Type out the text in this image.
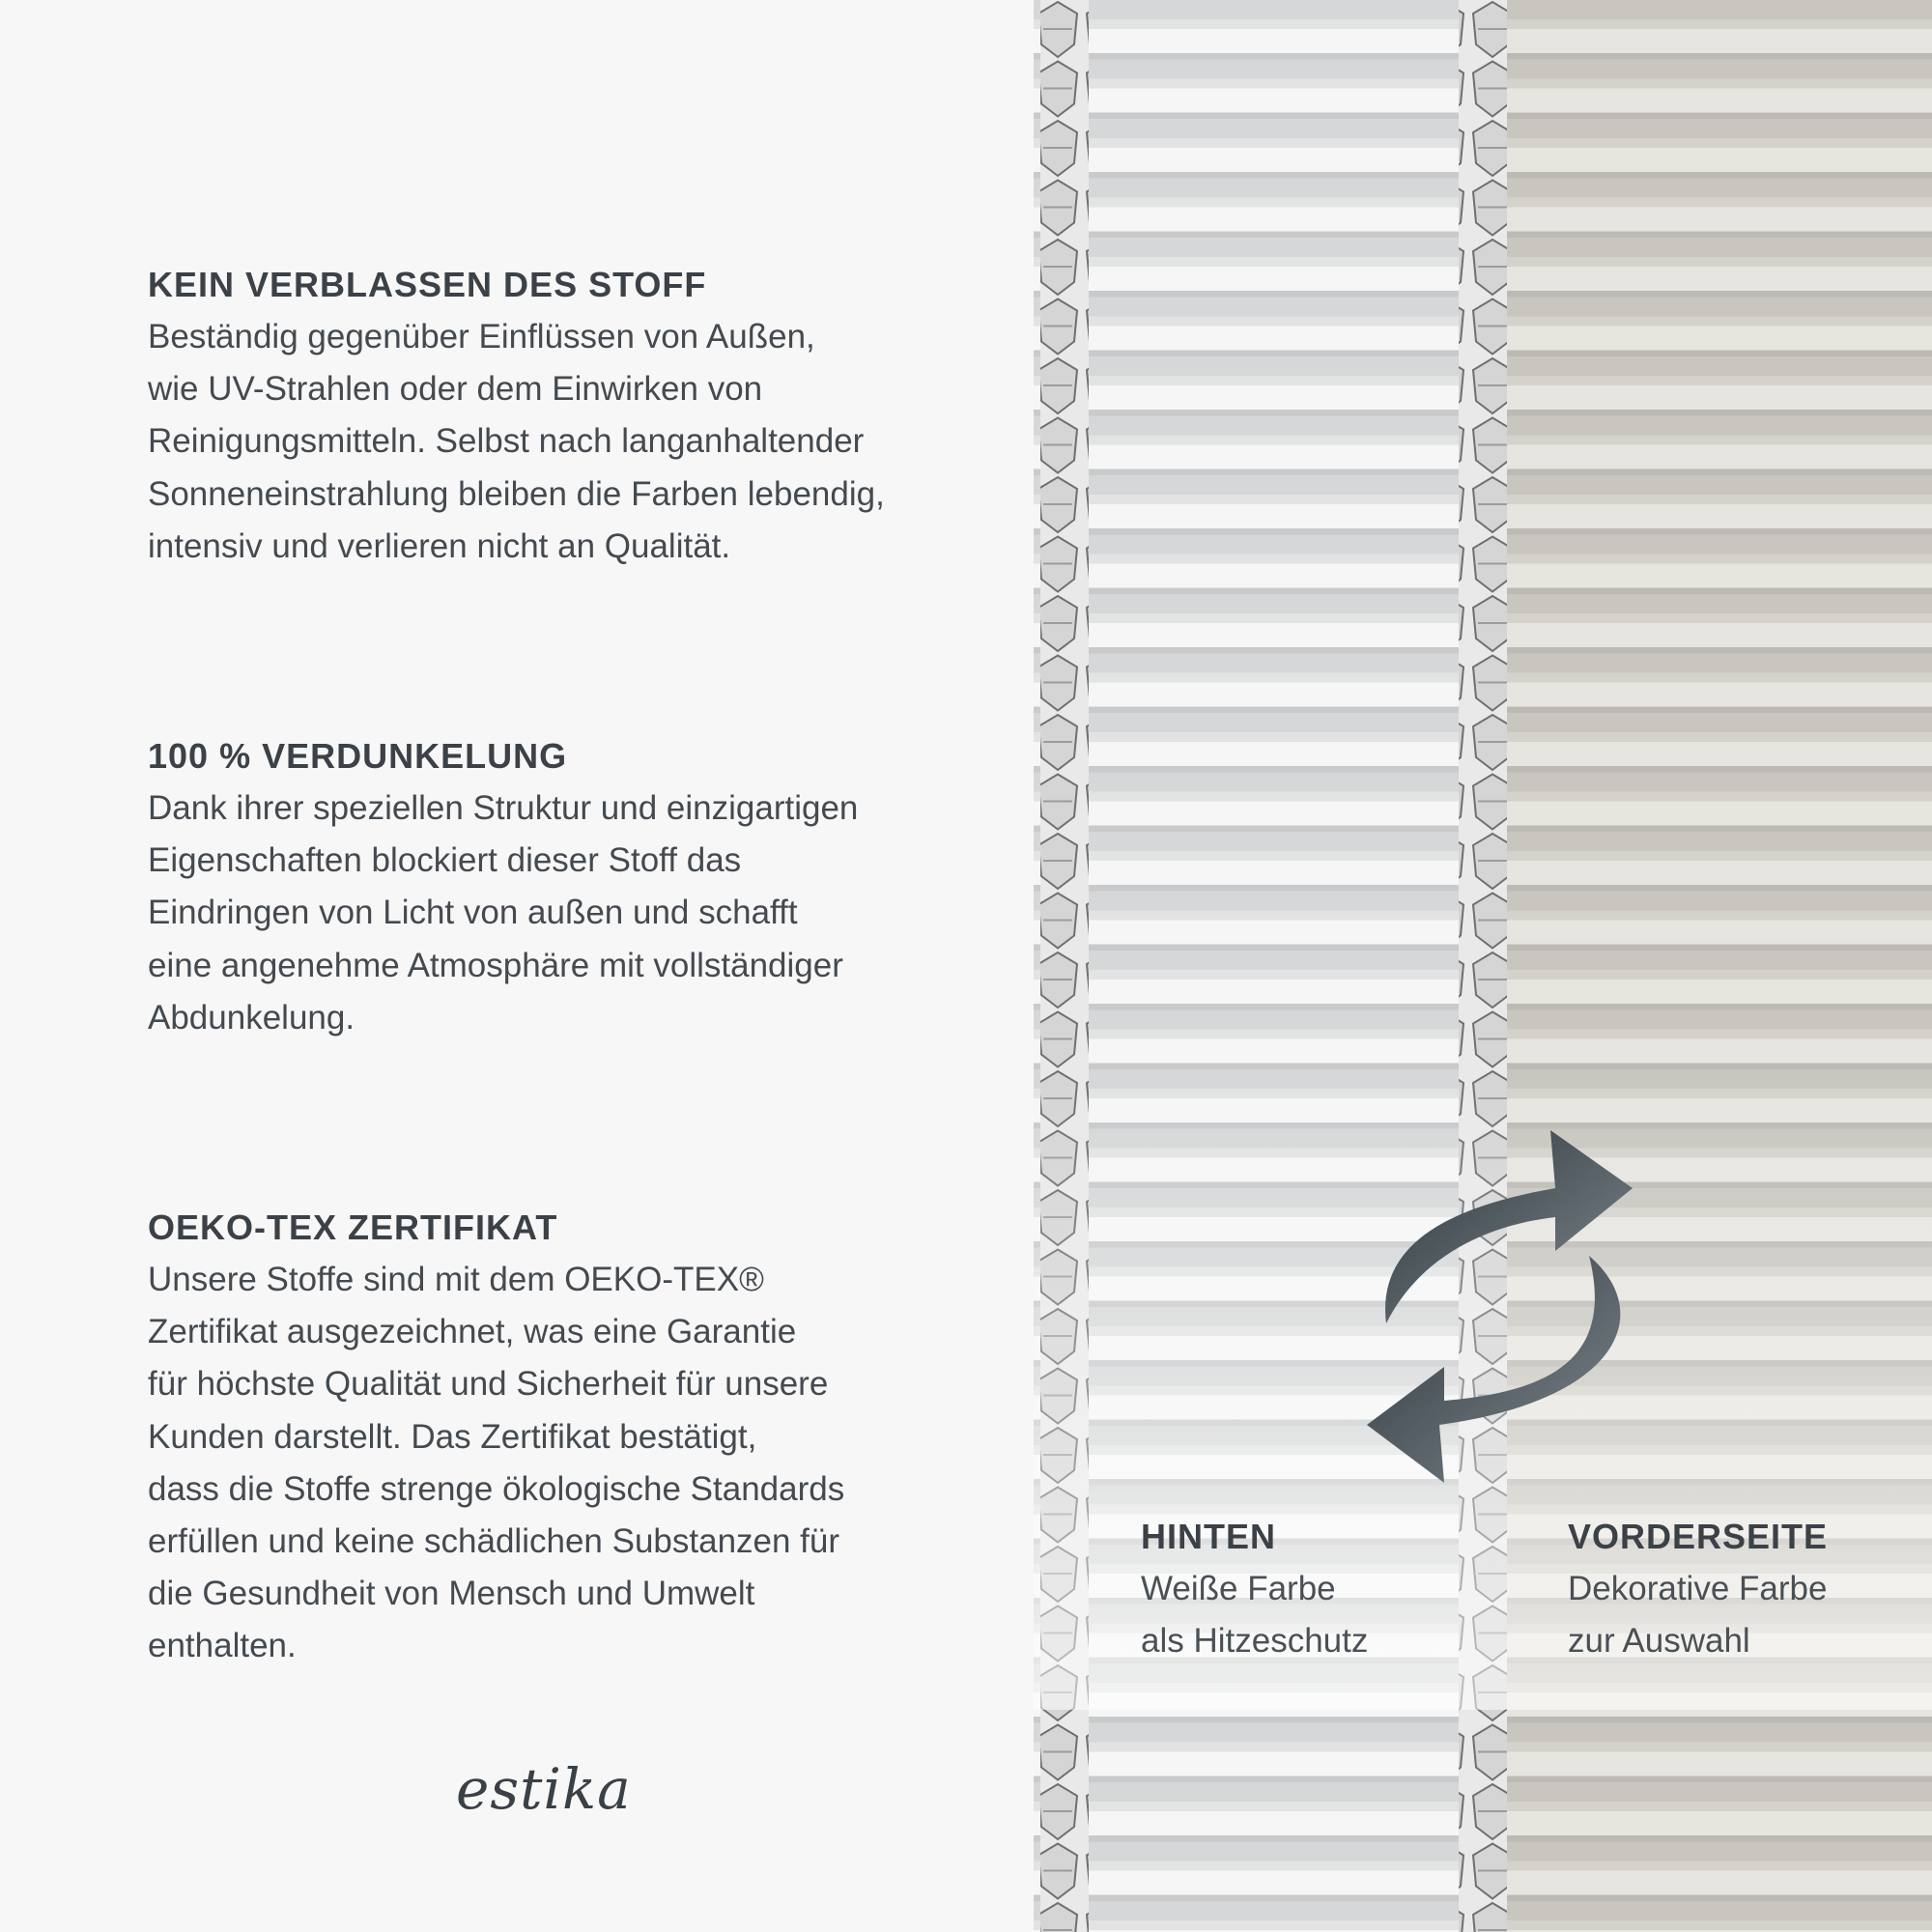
KEIN VERBLASSEN DES STOFF

Beständig gegenüber Einflüssen von Außen,
wie UV-Strahlen oder dem Einwirken von
Reinigungsmitteln. Selbst nach langanhaltender
Sonneneinstrahlung bleiben die Farben lebendig,
intensiv und verlieren nicht an Qualität.

100 % VERDUNKELUNG

Dank ihrer speziellen Struktur und einzigartigen
Eigenschaften blockiert dieser Stoff das
Eindringen von Licht von außen und schafft
eine angenehme Atmosphäre mit vollständiger
Abdunkelung.

OEKO-TEX ZERTIFIKAT

Unsere Stoffe sind mit dem OEKO-TEX®
Zertifikat ausgezeichnet, was eine Garantie
für höchste Qualität und Sicherheit für unsere
Kunden darstellt. Das Zertifikat bestätigt,
dass die Stoffe strenge ökologische Standards
erfüllen und keine schädlichen Substanzen für
die Gesundheit von Mensch und Umwelt
enthalten.

estika
HINTEN
Weiße Farbe
als Hitzeschutz
VORDERSEITE
Dekorative Farbe
zur Auswahl
